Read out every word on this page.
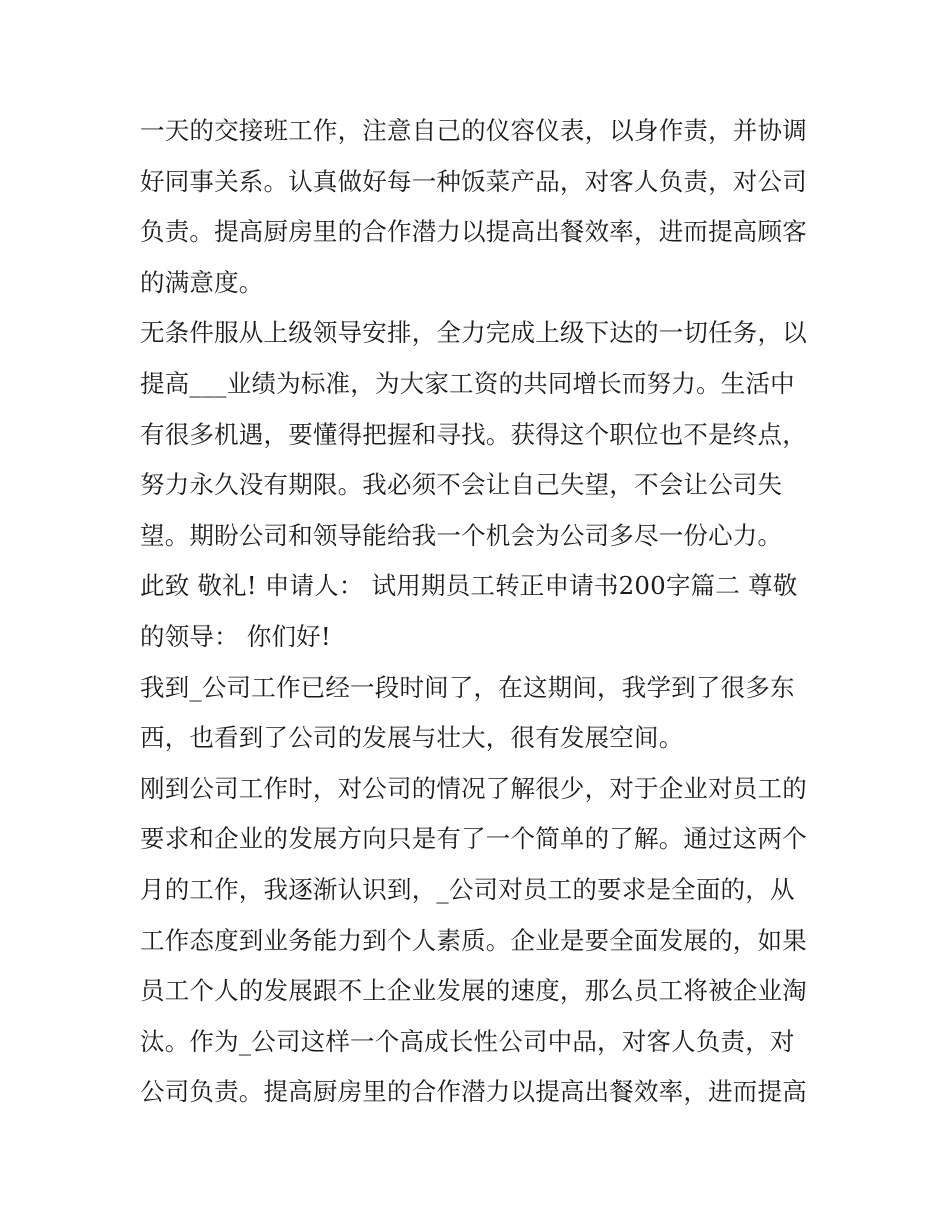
一天的交接班工作，注意自己的仪容仪表，以身作责，并协调
好同事关系。认真做好每一种饭菜产品，对客人负责，对公司
负责。提高厨房里的合作潜力以提高出餐效率，进而提高顾客
的满意度。
无条件服从上级领导安排，全力完成上级下达的一切任务，以
提高___业绩为标准，为大家工资的共同增长而努力。生活中
有很多机遇，要懂得把握和寻找。获得这个职位也不是终点，
努力永久没有期限。我必须不会让自己失望，不会让公司失
望。期盼公司和领导能给我一个机会为公司多尽一份心力。
此致 敬礼! 申请人： 试用期员工转正申请书200字篇二 尊敬
的领导： 你们好!
我到_公司工作已经一段时间了，在这期间，我学到了很多东
西，也看到了公司的发展与壮大，很有发展空间。
刚到公司工作时，对公司的情况了解很少，对于企业对员工的
要求和企业的发展方向只是有了一个简单的了解。通过这两个
月的工作，我逐渐认识到，_公司对员工的要求是全面的，从
工作态度到业务能力到个人素质。企业是要全面发展的，如果
员工个人的发展跟不上企业发展的速度，那么员工将被企业淘
汰。作为_公司这样一个高成长性公司中品，对客人负责，对
公司负责。提高厨房里的合作潜力以提高出餐效率，进而提高
